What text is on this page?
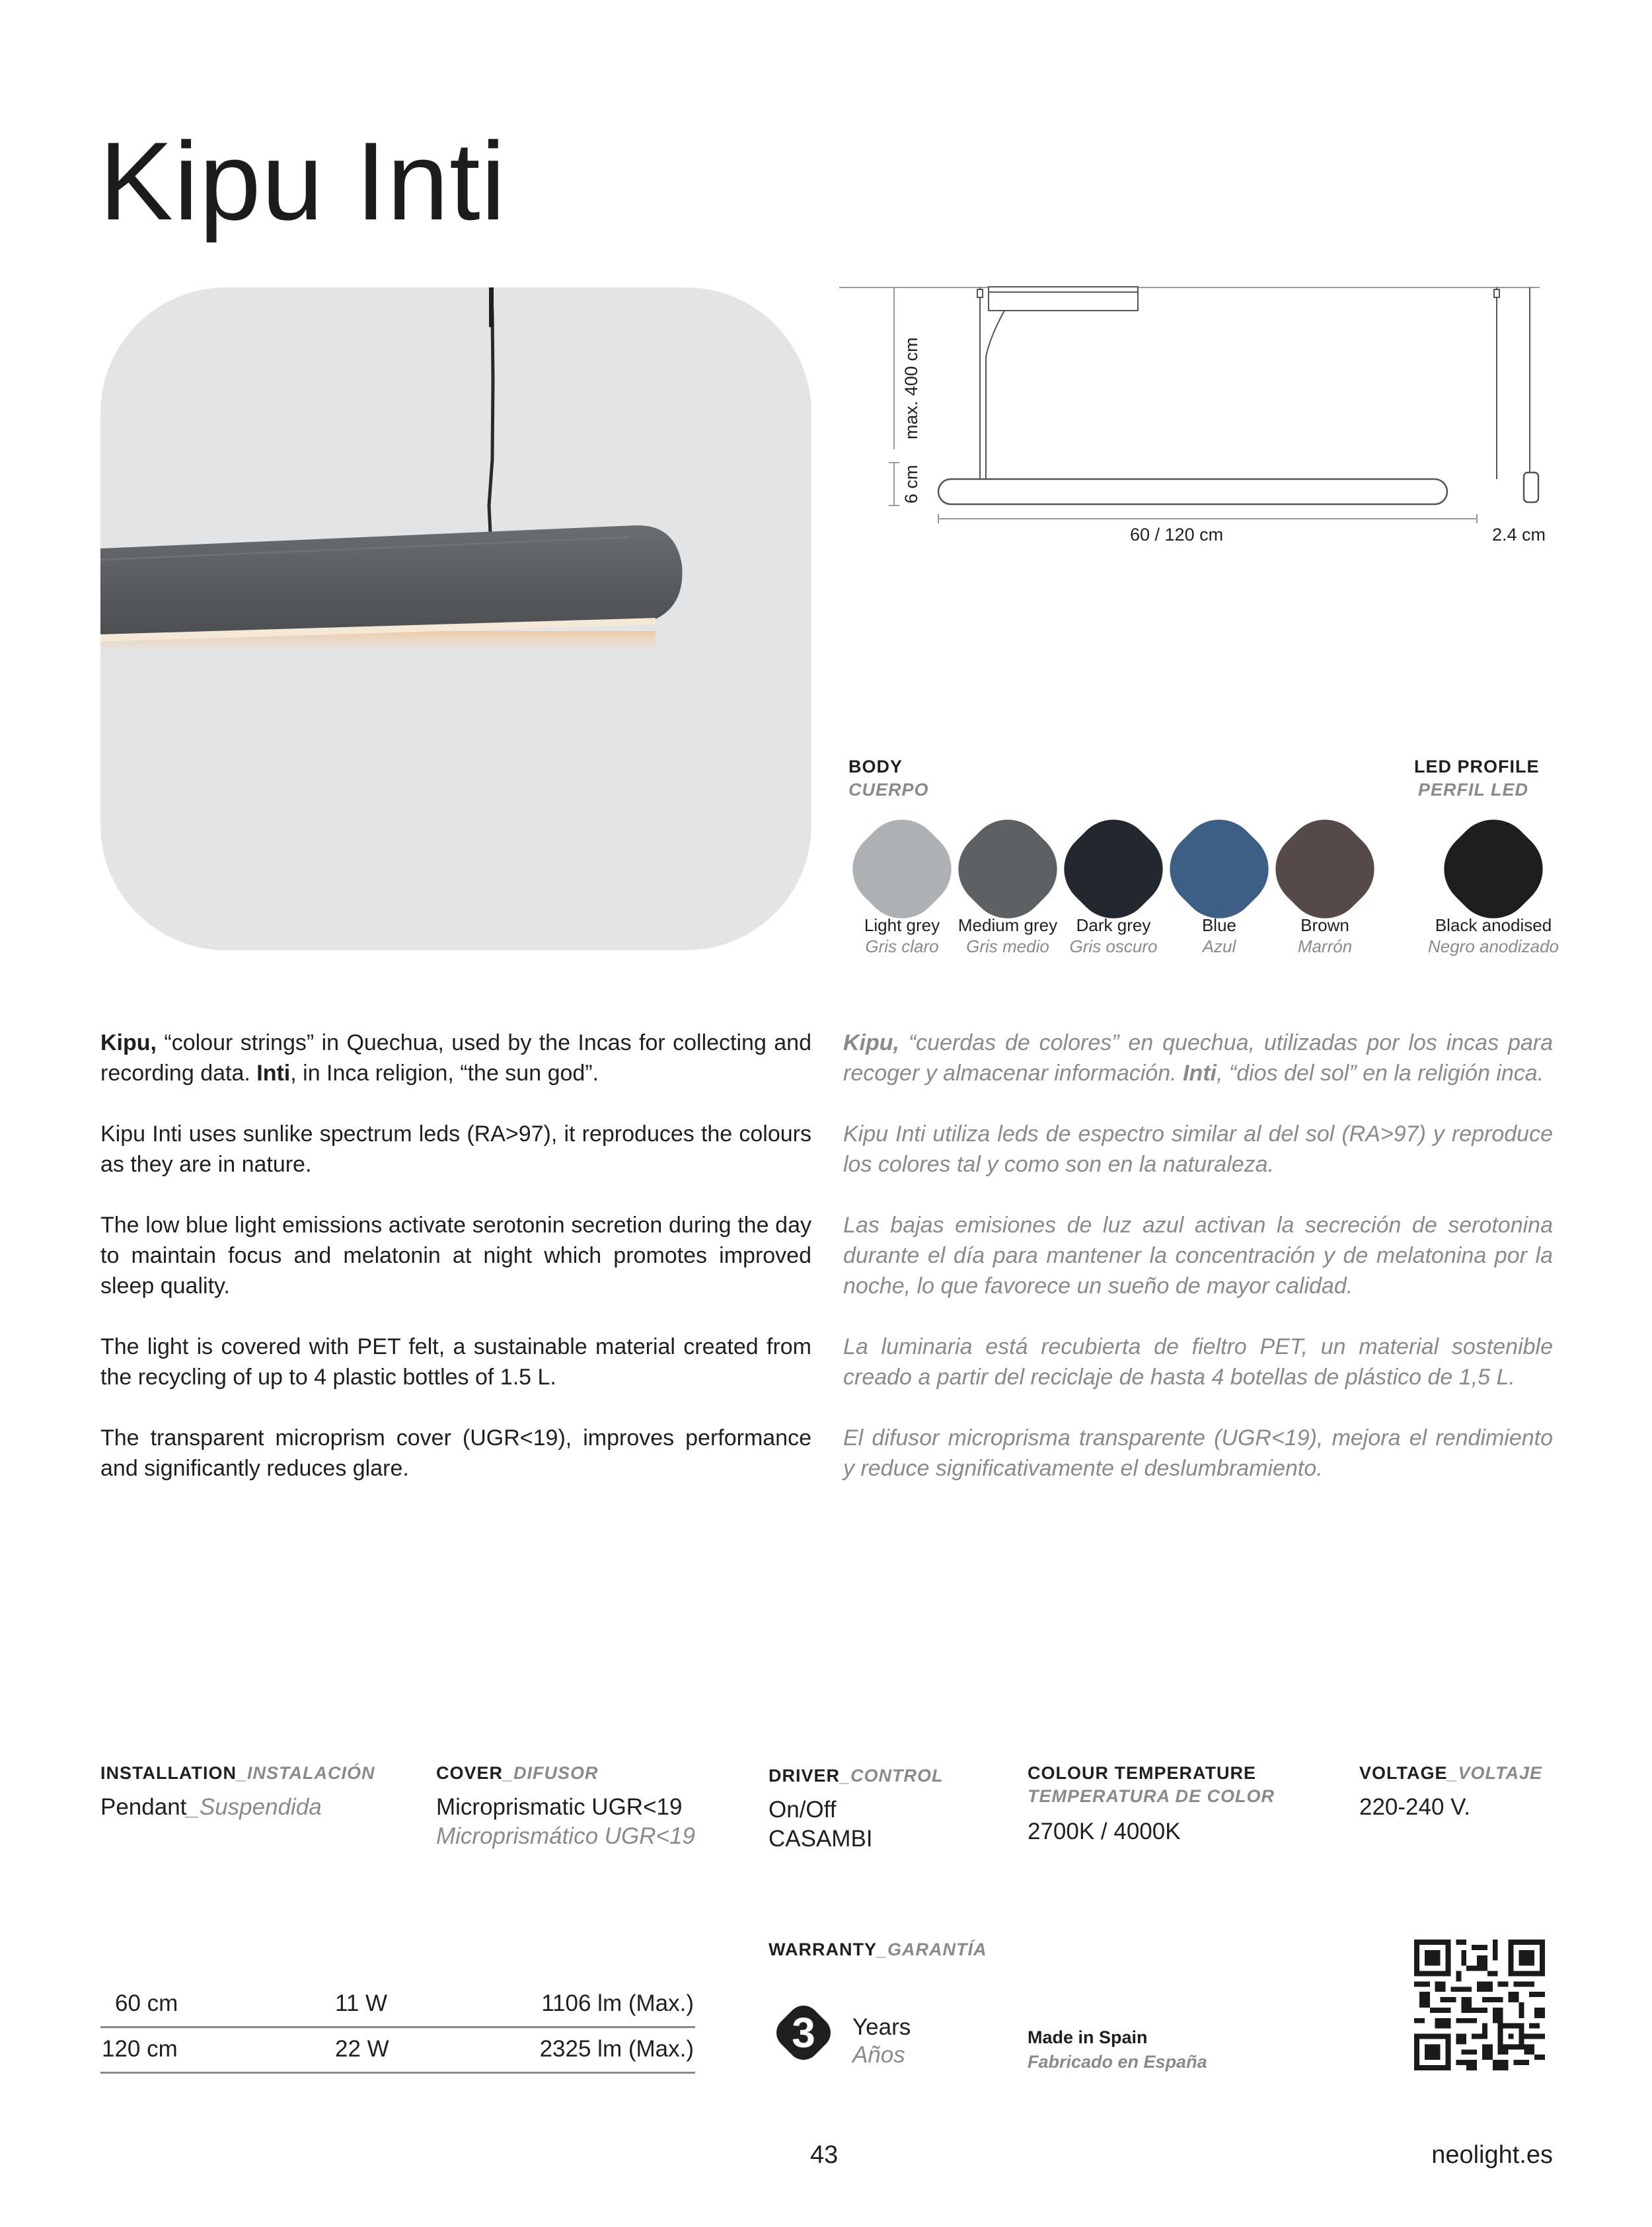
Kipu Inti
max. 400 cm
6 cm
60 / 120 cm	2.4 cm
BODY
CUERPO
Light grey
Gris claro
Medium grey
Gris medio
Dark grey
Gris oscuro
Blue
Azul
Brown
Marrón
Black anodised
Negro anodizado
LED PROFILE
PERFIL LED

Kipu, “colour strings” in Quechua, used by the Incas for collecting and recording data. Inti, in Inca religion, “the sun god”.

Kipu Inti uses sunlike spectrum leds (RA>97), it reproduces the colours as they are in nature.

The low blue light emissions activate serotonin secretion during the day to maintain focus and melatonin at night which promotes improved sleep quality.

The light is covered with PET felt, a sustainable material created from the recycling of up to 4 plastic bottles of 1.5 L.

The transparent microprism cover (UGR<19), improves performance and significantly reduces glare.

Kipu, “cuerdas de colores” en quechua, utilizadas por los incas para recoger y almacenar información. Inti, “dios del sol” en la religión inca.

Kipu Inti utiliza leds de espectro similar al del sol (RA>97) y reproduce los colores tal y como son en la naturaleza.

Las bajas emisiones de luz azul activan la secreción de serotonina durante el día para mantener la concentración y de melatonina por la noche, lo que favorece un sueño de mayor calidad.

La luminaria está recubierta de fieltro PET, un material sostenible creado a partir del reciclaje de hasta 4 botellas de plástico de 1,5 L.

El difusor microprisma transparente (UGR<19), mejora el rendimiento y reduce significativamente el deslumbramiento.

INSTALLATION_INSTALACIÓN
Pendant_Suspendida
COVER_DIFUSOR
Microprismatic UGR<19
Microprismático UGR<19
DRIVER_CONTROL
On/Off
CASAMBI
COLOUR TEMPERATURE
TEMPERATURA DE COLOR
2700K / 4000K
VOLTAGE_VOLTAJE
220-240 V.
60 cm	11 W	1106 lm (Max.)
120 cm	22 W	2325 lm (Max.)
WARRANTY_GARANTÍA
3 Years
Años
Made in Spain
Fabricado en España
43	neolight.es
